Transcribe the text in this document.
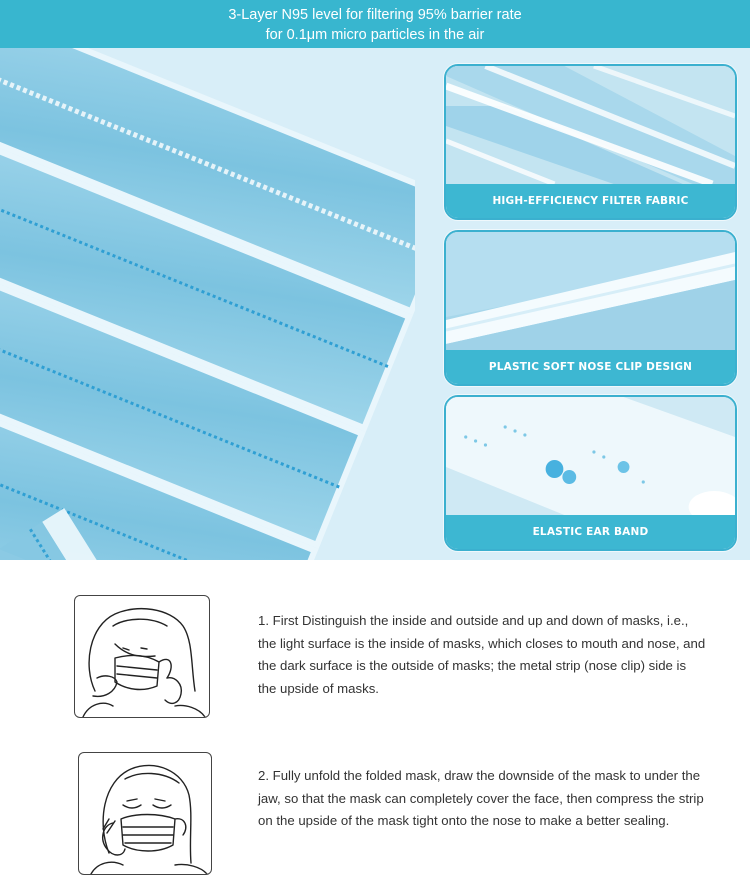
3-Layer N95 level for filtering 95% barrier rate
for 0.1μm micro particles in the air
HIGH-EFFICIENCY FILTER FABRIC
PLASTIC SOFT NOSE CLIP DESIGN
ELASTIC EAR BAND
1. First Distinguish the inside and outside and up and down of masks, i.e., the light surface is the inside of masks, which closes to mouth and nose, and the dark surface is the outside of masks; the metal strip (nose clip) side is the upside of masks.
2. Fully unfold the folded mask, draw the downside of the mask to under the jaw, so that the mask can completely cover the face, then compress the strip on the upside of the mask tight onto the nose to make a better sealing.
